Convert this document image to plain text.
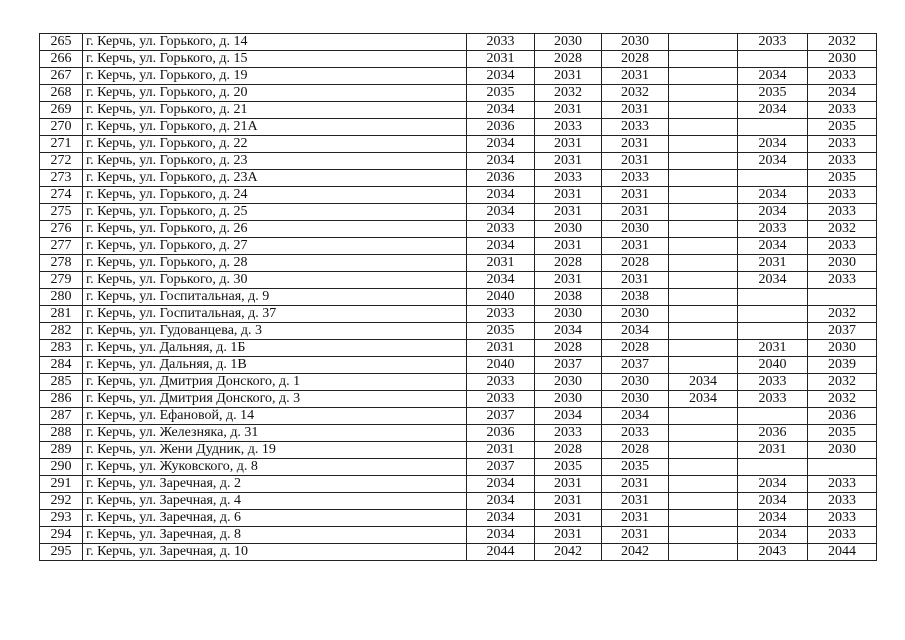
265	г. Керчь, ул. Горького, д. 14	2033	2030	2030		2033	2032
266	г. Керчь, ул. Горького, д. 15	2031	2028	2028			2030
267	г. Керчь, ул. Горького, д. 19	2034	2031	2031		2034	2033
268	г. Керчь, ул. Горького, д. 20	2035	2032	2032		2035	2034
269	г. Керчь, ул. Горького, д. 21	2034	2031	2031		2034	2033
270	г. Керчь, ул. Горького, д. 21А	2036	2033	2033			2035
271	г. Керчь, ул. Горького, д. 22	2034	2031	2031		2034	2033
272	г. Керчь, ул. Горького, д. 23	2034	2031	2031		2034	2033
273	г. Керчь, ул. Горького, д. 23А	2036	2033	2033			2035
274	г. Керчь, ул. Горького, д. 24	2034	2031	2031		2034	2033
275	г. Керчь, ул. Горького, д. 25	2034	2031	2031		2034	2033
276	г. Керчь, ул. Горького, д. 26	2033	2030	2030		2033	2032
277	г. Керчь, ул. Горького, д. 27	2034	2031	2031		2034	2033
278	г. Керчь, ул. Горького, д. 28	2031	2028	2028		2031	2030
279	г. Керчь, ул. Горького, д. 30	2034	2031	2031		2034	2033
280	г. Керчь, ул. Госпитальная, д. 9	2040	2038	2038			
281	г. Керчь, ул. Госпитальная, д. 37	2033	2030	2030			2032
282	г. Керчь, ул. Гудованцева, д. 3	2035	2034	2034			2037
283	г. Керчь, ул. Дальняя, д. 1Б	2031	2028	2028		2031	2030
284	г. Керчь, ул. Дальняя, д. 1В	2040	2037	2037		2040	2039
285	г. Керчь, ул. Дмитрия Донского, д. 1	2033	2030	2030	2034	2033	2032
286	г. Керчь, ул. Дмитрия Донского, д. 3	2033	2030	2030	2034	2033	2032
287	г. Керчь, ул. Ефановой, д. 14	2037	2034	2034			2036
288	г. Керчь, ул. Железняка, д. 31	2036	2033	2033		2036	2035
289	г. Керчь, ул. Жени Дудник, д. 19	2031	2028	2028		2031	2030
290	г. Керчь, ул. Жуковского, д. 8	2037	2035	2035			
291	г. Керчь, ул. Заречная, д. 2	2034	2031	2031		2034	2033
292	г. Керчь, ул. Заречная, д. 4	2034	2031	2031		2034	2033
293	г. Керчь, ул. Заречная, д. 6	2034	2031	2031		2034	2033
294	г. Керчь, ул. Заречная, д. 8	2034	2031	2031		2034	2033
295	г. Керчь, ул. Заречная, д. 10	2044	2042	2042		2043	2044
